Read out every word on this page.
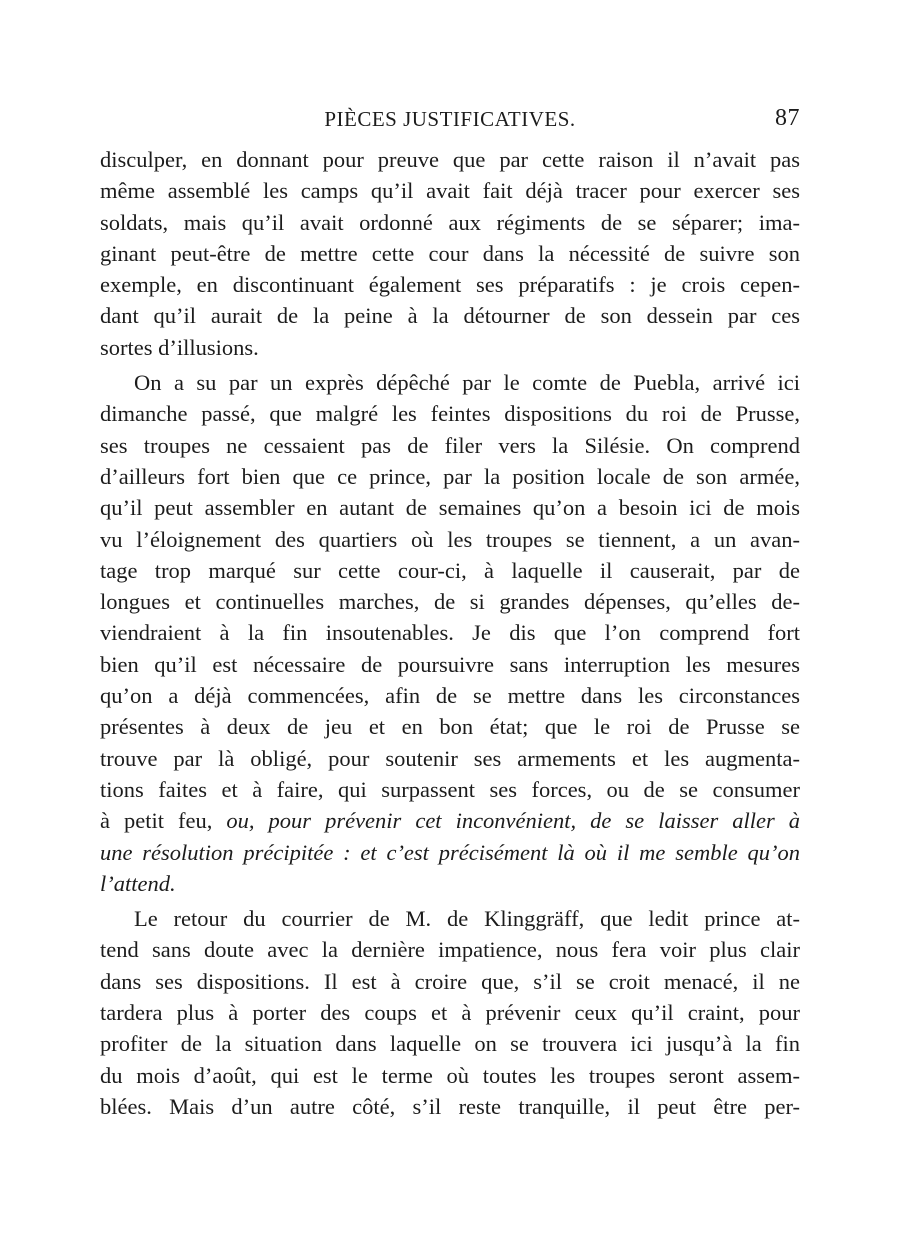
PIÈCES JUSTIFICATIVES.	87
disculper, en donnant pour preuve que par cette raison il n’avait pas
même assemblé les camps qu’il avait fait déjà tracer pour exercer ses
soldats, mais qu’il avait ordonné aux régiments de se séparer; ima-
ginant peut-être de mettre cette cour dans la nécessité de suivre son
exemple, en discontinuant également ses préparatifs : je crois cepen-
dant qu’il aurait de la peine à la détourner de son dessein par ces
sortes d’illusions.
On a su par un exprès dépêché par le comte de Puebla, arrivé ici
dimanche passé, que malgré les feintes dispositions du roi de Prusse,
ses troupes ne cessaient pas de filer vers la Silésie. On comprend
d’ailleurs fort bien que ce prince, par la position locale de son armée,
qu’il peut assembler en autant de semaines qu’on a besoin ici de mois
vu l’éloignement des quartiers où les troupes se tiennent, a un avan-
tage trop marqué sur cette cour-ci, à laquelle il causerait, par de
longues et continuelles marches, de si grandes dépenses, qu’elles de-
viendraient à la fin insoutenables. Je dis que l’on comprend fort
bien qu’il est nécessaire de poursuivre sans interruption les mesures
qu’on a déjà commencées, afin de se mettre dans les circonstances
présentes à deux de jeu et en bon état; que le roi de Prusse se
trouve par là obligé, pour soutenir ses armements et les augmenta-
tions faites et à faire, qui surpassent ses forces, ou de se consumer
à petit feu, ou, pour prévenir cet inconvénient, de se laisser aller à
une résolution précipitée : et c’est précisément là où il me semble qu’on
l’attend.
Le retour du courrier de M. de Klinggräff, que ledit prince at-
tend sans doute avec la dernière impatience, nous fera voir plus clair
dans ses dispositions. Il est à croire que, s’il se croit menacé, il ne
tardera plus à porter des coups et à prévenir ceux qu’il craint, pour
profiter de la situation dans laquelle on se trouvera ici jusqu’à la fin
du mois d’août, qui est le terme où toutes les troupes seront assem-
blées. Mais d’un autre côté, s’il reste tranquille, il peut être per-
